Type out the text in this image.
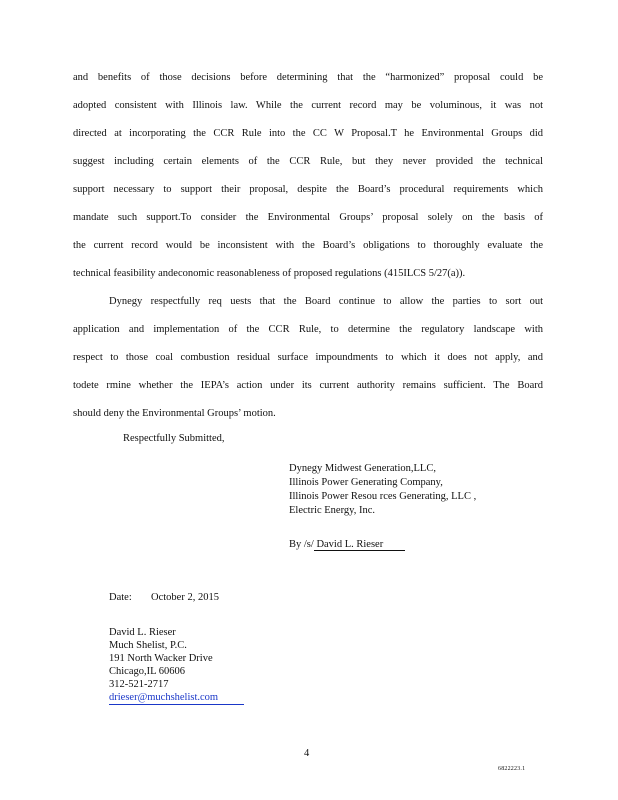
and benefits of those decisions before determining that the “harmonized” proposal could be
adopted consistent with Illinois law. While the current record may be voluminous, it was not
directed at incorporating the CCR Rule into the CC W Proposal.T he Environmental Groups did
suggest including certain elements of the CCR Rule, but they never provided the technical
support necessary to support their proposal, despite the Board’s procedural requirements which
mandate such support.To consider the Environmental Groups’ proposal solely on the basis of
the current record would be inconsistent with the Board’s obligations to thoroughly evaluate the
technical feasibility andeconomic reasonableness of proposed regulations (415ILCS 5/27(a)).
Dynegy respectfully req uests that the Board continue to allow the parties to sort out
application and implementation of the CCR Rule, to determine the regulatory landscape with
respect to those coal combustion residual surface impoundments to which it does not apply, and
todete rmine whether the IEPA’s action under its current authority remains sufficient. The Board
should deny the Environmental Groups’ motion.
Respectfully Submitted,
Dynegy Midwest Generation,LLC,
Illinois Power Generating Company,
Illinois Power Resou rces Generating, LLC ,
Electric Energy, Inc.
By /s/ David L. Rieser
Date: October 2, 2015
David L. Rieser
Much Shelist, P.C.
191 North Wacker Drive
Chicago,IL 60606
312-521-2717
drieser@muchshelist.com
4
6822223.1
